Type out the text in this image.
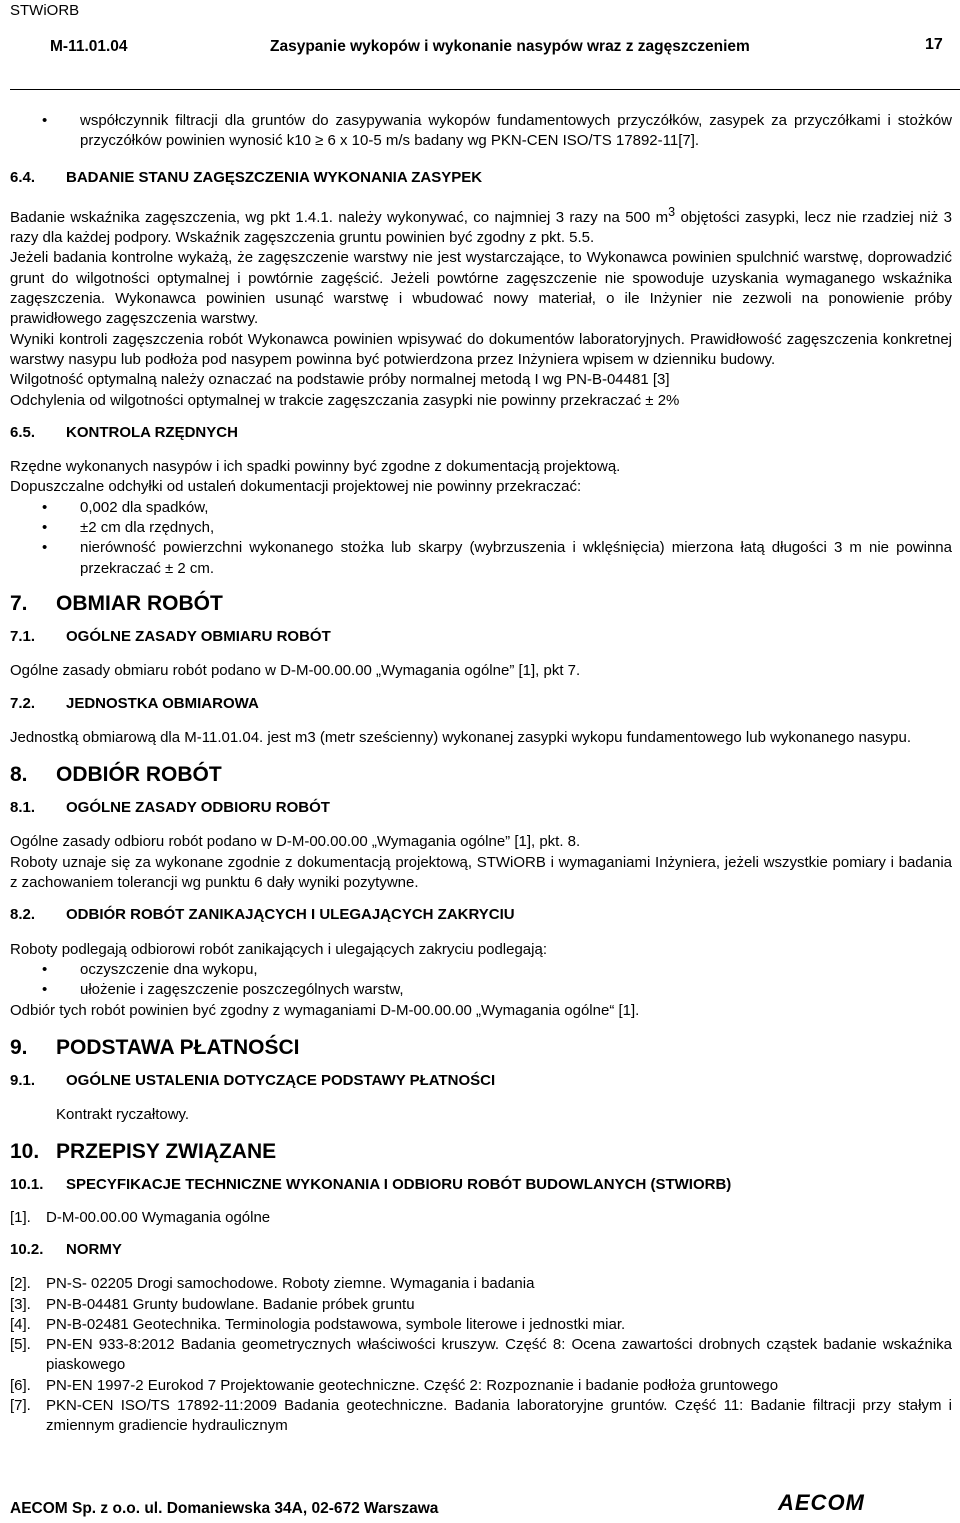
STWiORB
M-11.01.04	Zasypanie wykopów i wykonanie nasypów wraz z zagęszczeniem	17
• współczynnik filtracji dla gruntów do zasypywania wykopów fundamentowych przyczółków, zasypek za przyczółkami i stożków przyczółków powinien wynosić k10 ≥ 6 x 10-5 m/s badany wg PKN-CEN ISO/TS 17892-11[7].
6.4. BADANIE STANU ZAGĘSZCZENIA WYKONANIA ZASYPEK

Badanie wskaźnika zagęszczenia, wg pkt 1.4.1. należy wykonywać, co najmniej 3 razy na 500 $m^3$ objętości zasypki, lecz nie rzadziej niż 3 razy dla każdej podpory. Wskaźnik zagęszczenia gruntu powinien być zgodny z pkt. 5.5.

Jeżeli badania kontrolne wykażą, że zagęszczenie warstwy nie jest wystarczające, to Wykonawca powinien spulchnić warstwę, doprowadzić grunt do wilgotności optymalnej i powtórnie zagęścić. Jeżeli powtórne zagęszczenie nie spowoduje uzyskania wymaganego wskaźnika zagęszczenia. Wykonawca powinien usunąć warstwę i wbudować nowy materiał, o ile Inżynier nie zezwoli na ponowienie próby prawidłowego zagęszczenia warstwy.

Wyniki kontroli zagęszczenia robót Wykonawca powinien wpisywać do dokumentów laboratoryjnych. Prawidłowość zagęszczenia konkretnej warstwy nasypu lub podłoża pod nasypem powinna być potwierdzona przez Inżyniera wpisem w dzienniku budowy.

Wilgotność optymalną należy oznaczać na podstawie próby normalnej metodą I wg PN-B-04481 [3]

Odchylenia od wilgotności optymalnej w trakcie zagęszczania zasypki nie powinny przekraczać ± 2%

6.5. KONTROLA RZĘDNYCH

Rzędne wykonanych nasypów i ich spadki powinny być zgodne z dokumentacją projektową.

Dopuszczalne odchyłki od ustaleń dokumentacji projektowej nie powinny przekraczać:

• 0,002 dla spadków,
• ±2 cm dla rzędnych,
• nierówność powierzchni wykonanego stożka lub skarpy (wybrzuszenia i wklęśnięcia) mierzona łatą długości 3 m nie powinna przekraczać ± 2 cm.
7. OBMIAR ROBÓT
7.1. OGÓLNE ZASADY OBMIARU ROBÓT

Ogólne zasady obmiaru robót podano w D-M-00.00.00 „Wymagania ogólne” [1], pkt 7.

7.2. JEDNOSTKA OBMIAROWA

Jednostką obmiarową dla M-11.01.04. jest m3 (metr sześcienny) wykonanej zasypki wykopu fundamentowego lub wykonanego nasypu.

8. ODBIÓR ROBÓT
8.1. OGÓLNE ZASADY ODBIORU ROBÓT

Ogólne zasady odbioru robót podano w D-M-00.00.00 „Wymagania ogólne” [1], pkt. 8.

Roboty uznaje się za wykonane zgodnie z dokumentacją projektową, STWiORB i wymaganiami Inżyniera, jeżeli wszystkie pomiary i badania z zachowaniem tolerancji wg punktu 6 dały wyniki pozytywne.

8.2. ODBIÓR ROBÓT ZANIKAJĄCYCH I ULEGAJĄCYCH ZAKRYCIU

Roboty podlegają odbiorowi robót zanikających i ulegających zakryciu podlegają:

• oczyszczenie dna wykopu,
• ułożenie i zagęszczenie poszczególnych warstw,

Odbiór tych robót powinien być zgodny z wymaganiami D-M-00.00.00 „Wymagania ogólne“ [1].

9. PODSTAWA PŁATNOŚCI
9.1. OGÓLNE USTALENIA DOTYCZĄCE PODSTAWY PŁATNOŚCI

Kontrakt ryczałtowy.

10. PRZEPISY ZWIĄZANE
10.1. SPECYFIKACJE TECHNICZNE WYKONANIA I ODBIORU ROBÓT BUDOWLANYCH (STWIORB)
[1]. D-M-00.00.00 Wymagania ogólne
10.2. NORMY
[2]. PN-S- 02205 Drogi samochodowe. Roboty ziemne. Wymagania i badania
[3]. PN-B-04481 Grunty budowlane. Badanie próbek gruntu
[4]. PN-B-02481 Geotechnika. Terminologia podstawowa, symbole literowe i jednostki miar.
[5]. PN-EN 933-8:2012 Badania geometrycznych właściwości kruszyw. Część 8: Ocena zawartości drobnych cząstek badanie wskaźnika piaskowego
[6]. PN-EN 1997-2 Eurokod 7 Projektowanie geotechniczne. Część 2: Rozpoznanie i badanie podłoża gruntowego
[7]. PKN-CEN ISO/TS 17892-11:2009 Badania geotechniczne. Badania laboratoryjne gruntów. Część 11: Badanie filtracji przy stałym i zmiennym gradiencie hydraulicznym
AECOM Sp. z o.o. ul. Domaniewska 34A, 02-672 Warszawa	AECOM
